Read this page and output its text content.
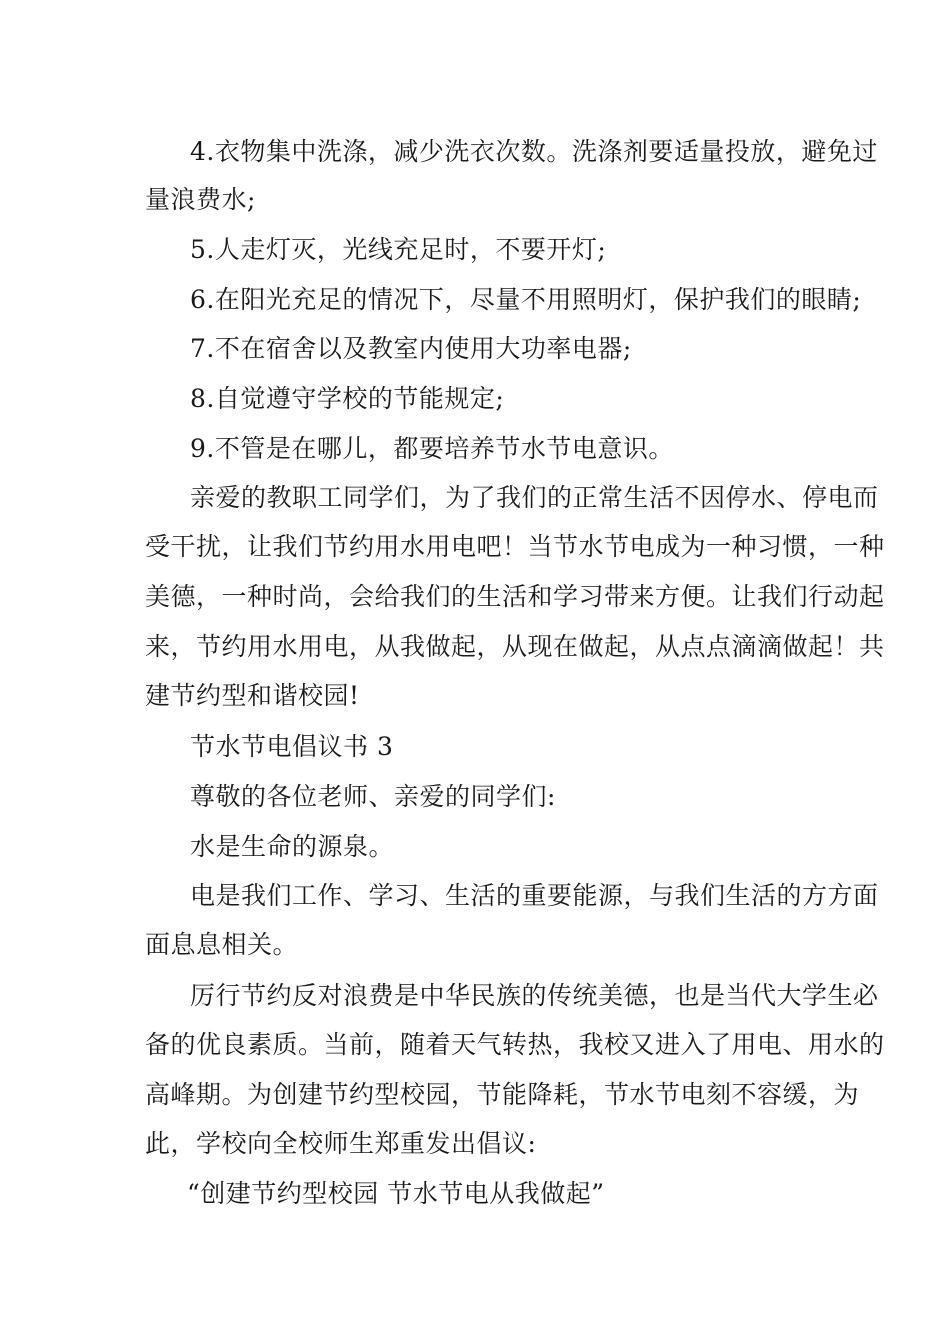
4.衣物集中洗涤，减少洗衣次数。洗涤剂要适量投放，避免过
量浪费水;
5.人走灯灭，光线充足时，不要开灯;
6.在阳光充足的情况下，尽量不用照明灯，保护我们的眼睛;
7.不在宿舍以及教室内使用大功率电器;
8.自觉遵守学校的节能规定;
9.不管是在哪儿，都要培养节水节电意识。
亲爱的教职工同学们，为了我们的正常生活不因停水、停电而
受干扰，让我们节约用水用电吧！当节水节电成为一种习惯，一种
美德，一种时尚，会给我们的生活和学习带来方便。让我们行动起
来，节约用水用电，从我做起，从现在做起，从点点滴滴做起！共
建节约型和谐校园!
节水节电倡议书 3
尊敬的各位老师、亲爱的同学们:
水是生命的源泉。
电是我们工作、学习、生活的重要能源，与我们生活的方方面
面息息相关。
厉行节约反对浪费是中华民族的传统美德，也是当代大学生必
备的优良素质。当前，随着天气转热，我校又进入了用电、用水的
高峰期。为创建节约型校园，节能降耗，节水节电刻不容缓，为
此，学校向全校师生郑重发出倡议:
“创建节约型校园 节水节电从我做起”
